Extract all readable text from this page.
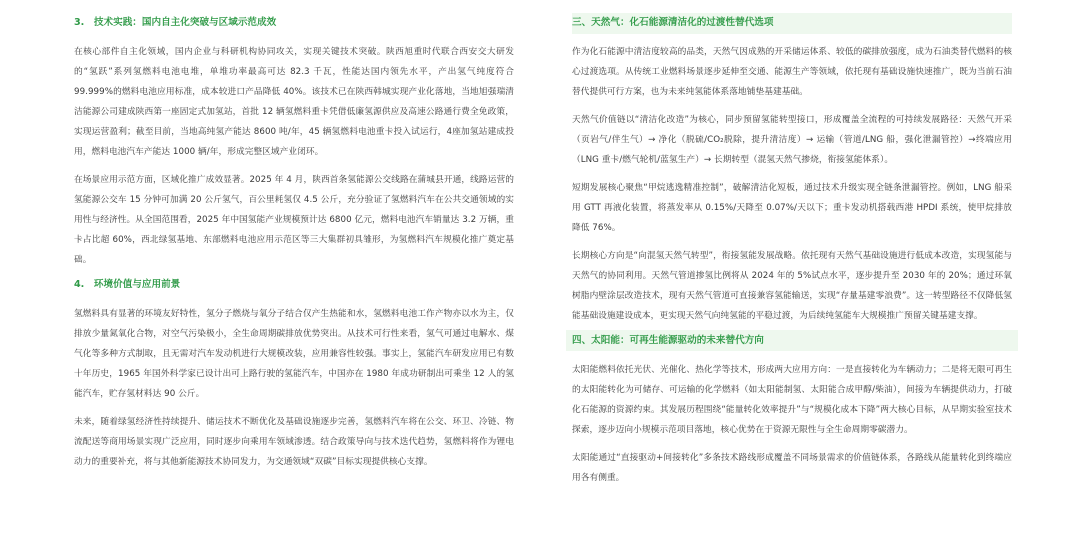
3.　技术实践：国内自主化突破与区域示范成效

在核心部件自主化领域，国内企业与科研机构协同攻关，实现关键技术突破。陕西旭重时代联合西安交大研发的“氢跃”系列氢燃料电池电堆，单堆功率最高可达 82.3 千瓦，性能达国内领先水平，产出氢气纯度符合 99.999%的燃料电池应用标准，成本较进口产品降低 40%。该技术已在陕西韩城实现产业化落地，当地旭强瑞清洁能源公司建成陕西第一座固定式加氢站，首批 12 辆氢燃料重卡凭借低廉氢源供应及高速公路通行费全免政策，实现运营盈利；截至目前，当地高纯氢产能达 8600 吨/年，45 辆氢燃料电池重卡投入试运行，4座加氢站建成投用，燃料电池汽车产能达 1000 辆/年，形成完整区域产业闭环。

在场景应用示范方面，区域化推广成效显著。2025 年 4 月，陕西首条氢能源公交线路在蒲城县开通，线路运营的氢能源公交车 15 分钟可加满 20 公斤氢气，百公里耗氢仅 4.5 公斤，充分验证了氢燃料汽车在公共交通领域的实用性与经济性。从全国范围看，2025 年中国氢能产业规模预计达 6800 亿元，燃料电池汽车销量达 3.2 万辆，重卡占比超 60%，西北绿氢基地、东部燃料电池应用示范区等三大集群初具雏形，为氢燃料汽车规模化推广奠定基础。

4.　环境价值与应用前景

氢燃料具有显著的环境友好特性，氢分子燃烧与氧分子结合仅产生热能和水，氢燃料电池工作产物亦以水为主，仅排放少量氮氧化合物，对空气污染极小，全生命周期碳排放优势突出。从技术可行性来看，氢气可通过电解水、煤气化等多种方式制取，且无需对汽车发动机进行大规模改装，应用兼容性较强。事实上，氢能汽车研发应用已有数十年历史，1965 年国外科学家已设计出可上路行驶的氢能汽车，中国亦在 1980 年成功研制出可乘坐 12 人的氢能汽车，贮存氢材料达 90 公斤。

未来，随着绿氢经济性持续提升、储运技术不断优化及基础设施逐步完善，氢燃料汽车将在公交、环卫、冷链、物流配送等商用场景实现广泛应用，同时逐步向乘用车领域渗透。结合政策导向与技术迭代趋势，氢燃料将作为锂电动力的重要补充，将与其他新能源技术协同发力，为交通领域“双碳”目标实现提供核心支撑。

三、天然气：化石能源清洁化的过渡性替代选项

作为化石能源中清洁度较高的品类，天然气因成熟的开采储运体系、较低的碳排放强度，成为石油类替代燃料的核心过渡选项。从传统工业燃料场景逐步延伸至交通、能源生产等领域，依托现有基础设施快速推广，既为当前石油替代提供可行方案，也为未来纯氢能体系落地铺垫基建基础。

天然气价值链以“清洁化改造”为核心，同步预留氢能转型接口，形成覆盖全流程的可持续发展路径：天然气开采（页岩气/伴生气）→ 净化（脱硫/CO₂脱除，提升清洁度）→ 运输（管道/LNG 船，强化泄漏管控）→终端应用（LNG 重卡/燃气轮机/蓝氢生产）→ 长期转型（混氢天然气掺烧，衔接氢能体系）。

短期发展核心聚焦“甲烷逃逸精准控制”，破解清洁化短板，通过技术升级实现全链条泄漏管控。例如，LNG 船采用 GTT 再液化装置，将蒸发率从 0.15%/天降至 0.07%/天以下；重卡发动机搭载西港 HPDI 系统，使甲烷排放降低 76%。

长期核心方向是“向混氢天然气转型”，衔接氢能发展战略。依托现有天然气基础设施进行低成本改造，实现氢能与天然气的协同利用。天然气管道掺氢比例将从 2024 年的 5%试点水平，逐步提升至 2030 年的 20%；通过环氧树脂内壁涂层改造技术，现有天然气管道可直接兼容氢能输送，实现“存量基建零浪费”。这一转型路径不仅降低氢能基础设施建设成本，更实现天然气向纯氢能的平稳过渡，为后续纯氢能车大规模推广预留关键基建支撑。

四、太阳能：可再生能源驱动的未来替代方向

太阳能燃料依托光伏、光催化、热化学等技术，形成两大应用方向：一是直接转化为车辆动力；二是将无限可再生的太阳能转化为可储存、可运输的化学燃料（如太阳能制氢、太阳能合成甲醇/柴油），间接为车辆提供动力，打破化石能源的资源约束。其发展历程围绕“能量转化效率提升”与“规模化成本下降”两大核心目标，从早期实验室技术探索，逐步迈向小规模示范项目落地，核心优势在于资源无限性与全生命周期零碳潜力。

太阳能通过“直接驱动+间接转化”多条技术路线形成覆盖不同场景需求的价值链体系，各路线从能量转化到终端应用各有侧重。
